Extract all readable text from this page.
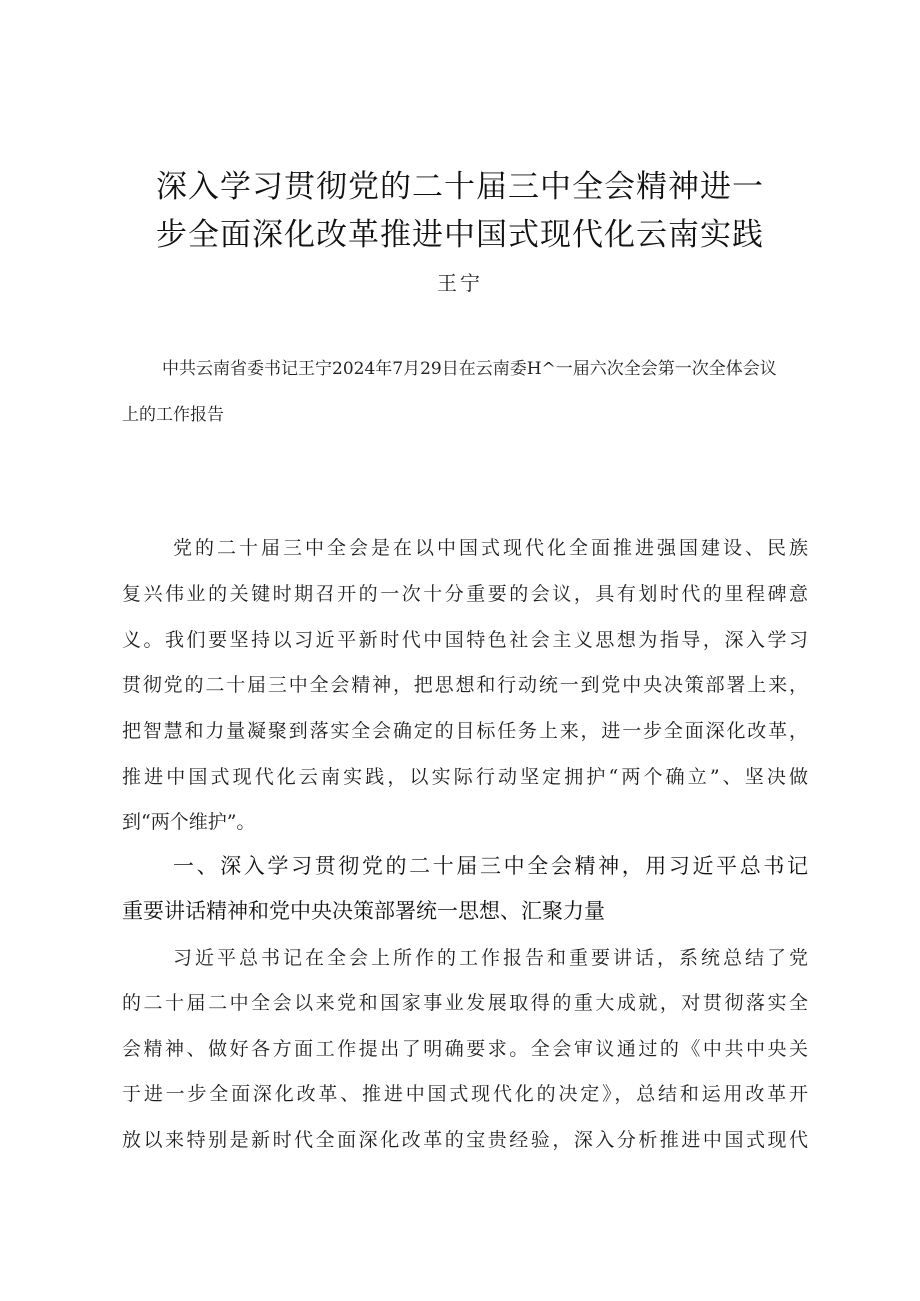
深入学习贯彻党的二十届三中全会精神进一
步全面深化改革推进中国式现代化云南实践
王宁
中共云南省委书记王宁2024年7月29日在云南委H^一届六次全会第一次全体会议
上的工作报告
党的二十届三中全会是在以中国式现代化全面推进强国建设、民族
复兴伟业的关键时期召开的一次十分重要的会议，具有划时代的里程碑意
义。我们要坚持以习近平新时代中国特色社会主义思想为指导，深入学习
贯彻党的二十届三中全会精神，把思想和行动统一到党中央决策部署上来，
把智慧和力量凝聚到落实全会确定的目标任务上来，进一步全面深化改革，
推进中国式现代化云南实践，以实际行动坚定拥护“两个确立”、坚决做
到“两个维护”。
一、深入学习贯彻党的二十届三中全会精神，用习近平总书记
重要讲话精神和党中央决策部署统一思想、汇聚力量
习近平总书记在全会上所作的工作报告和重要讲话，系统总结了党
的二十届二中全会以来党和国家事业发展取得的重大成就，对贯彻落实全
会精神、做好各方面工作提出了明确要求。全会审议通过的《中共中央关
于进一步全面深化改革、推进中国式现代化的决定》，总结和运用改革开
放以来特别是新时代全面深化改革的宝贵经验，深入分析推进中国式现代
